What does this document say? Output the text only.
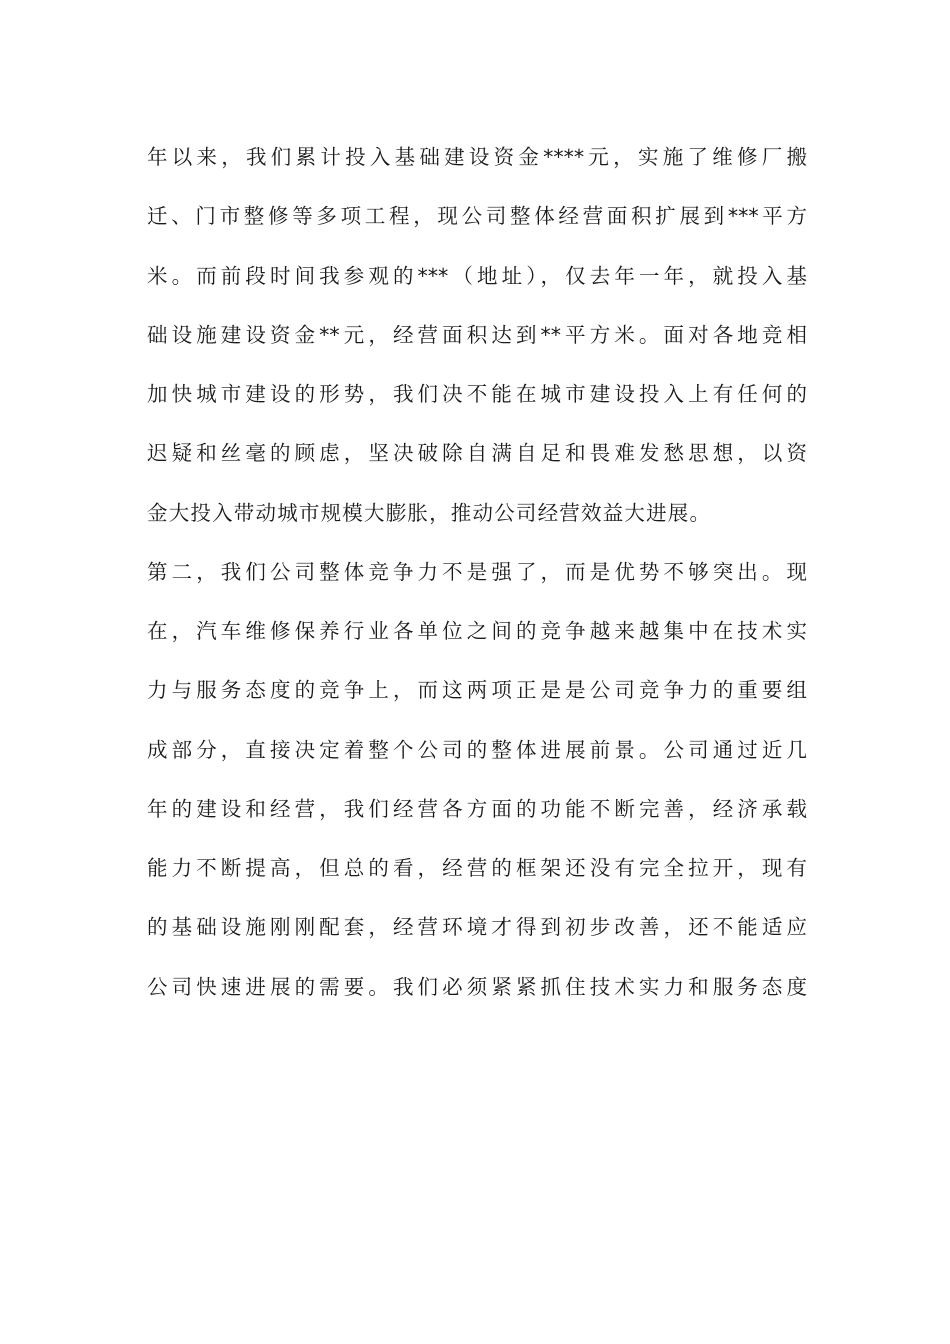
年以来，我们累计投入基础建设资金****元，实施了维修厂搬
迁、门市整修等多项工程，现公司整体经营面积扩展到***平方
米。而前段时间我参观的***（地址），仅去年一年，就投入基
础设施建设资金**元，经营面积达到**平方米。面对各地竞相
加快城市建设的形势，我们决不能在城市建设投入上有任何的
迟疑和丝毫的顾虑，坚决破除自满自足和畏难发愁思想，以资
金大投入带动城市规模大膨胀，推动公司经营效益大进展。
第二，我们公司整体竞争力不是强了，而是优势不够突出。现
在，汽车维修保养行业各单位之间的竞争越来越集中在技术实
力与服务态度的竞争上，而这两项正是是公司竞争力的重要组
成部分，直接决定着整个公司的整体进展前景。公司通过近几
年的建设和经营，我们经营各方面的功能不断完善，经济承载
能力不断提高，但总的看，经营的框架还没有完全拉开，现有
的基础设施刚刚配套，经营环境才得到初步改善，还不能适应
公司快速进展的需要。我们必须紧紧抓住技术实力和服务态度
